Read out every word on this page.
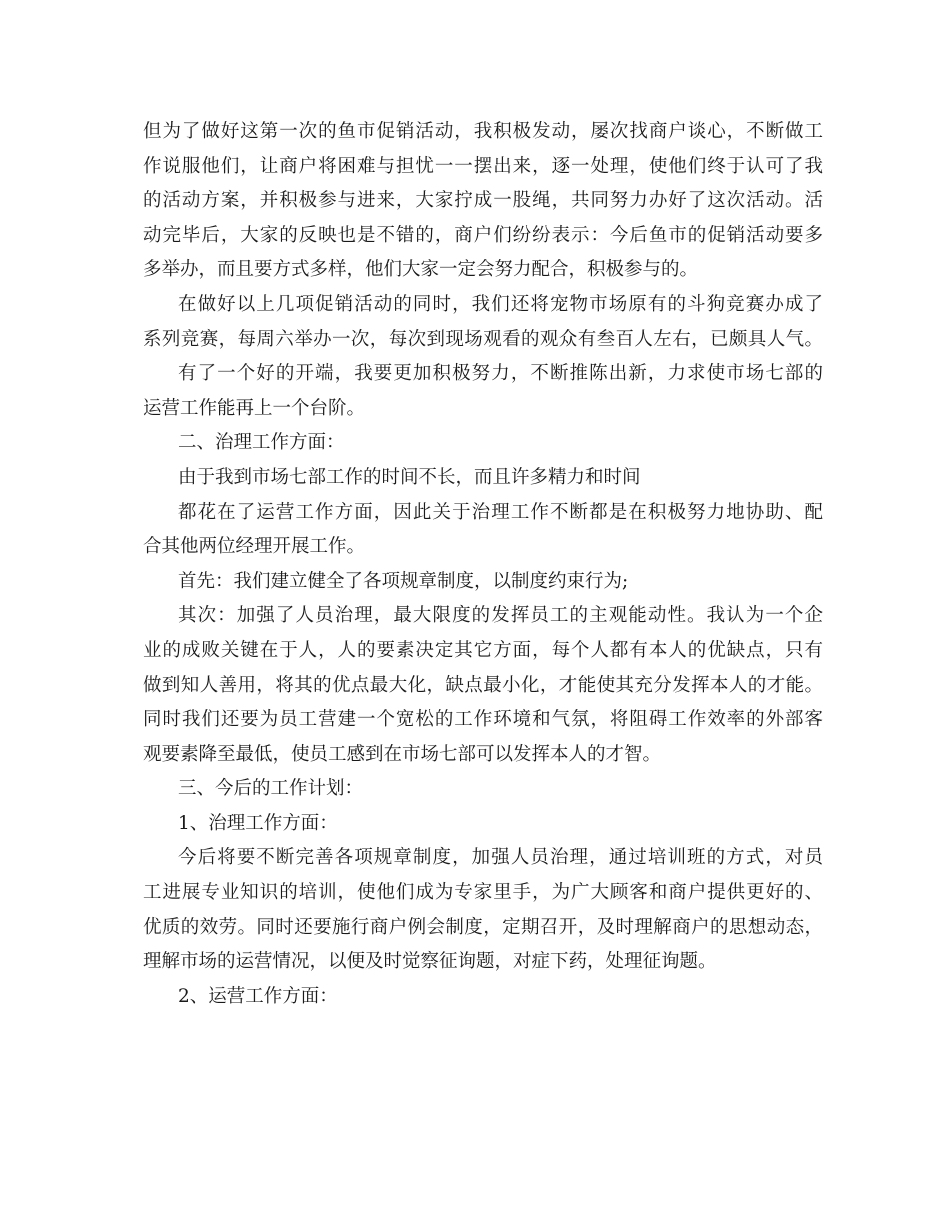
但为了做好这第一次的鱼市促销活动，我积极发动，屡次找商户谈心，不断做工
作说服他们，让商户将困难与担忧一一摆出来，逐一处理，使他们终于认可了我
的活动方案，并积极参与进来，大家拧成一股绳，共同努力办好了这次活动。活
动完毕后，大家的反映也是不错的，商户们纷纷表示：今后鱼市的促销活动要多
多举办，而且要方式多样，他们大家一定会努力配合，积极参与的。
在做好以上几项促销活动的同时，我们还将宠物市场原有的斗狗竞赛办成了
系列竞赛，每周六举办一次，每次到现场观看的观众有叁百人左右，已颇具人气。
有了一个好的开端，我要更加积极努力，不断推陈出新，力求使市场七部的
运营工作能再上一个台阶。
二、治理工作方面：
由于我到市场七部工作的时间不长，而且许多精力和时间
都花在了运营工作方面，因此关于治理工作不断都是在积极努力地协助、配
合其他两位经理开展工作。
首先：我们建立健全了各项规章制度，以制度约束行为;
其次：加强了人员治理，最大限度的发挥员工的主观能动性。我认为一个企
业的成败关键在于人，人的要素决定其它方面，每个人都有本人的优缺点，只有
做到知人善用，将其的优点最大化，缺点最小化，才能使其充分发挥本人的才能。
同时我们还要为员工营建一个宽松的工作环境和气氛，将阻碍工作效率的外部客
观要素降至最低，使员工感到在市场七部可以发挥本人的才智。
三、今后的工作计划：
1、治理工作方面：
今后将要不断完善各项规章制度，加强人员治理，通过培训班的方式，对员
工进展专业知识的培训，使他们成为专家里手，为广大顾客和商户提供更好的、
优质的效劳。同时还要施行商户例会制度，定期召开，及时理解商户的思想动态，
理解市场的运营情况，以便及时觉察征询题，对症下药，处理征询题。
2、运营工作方面：
